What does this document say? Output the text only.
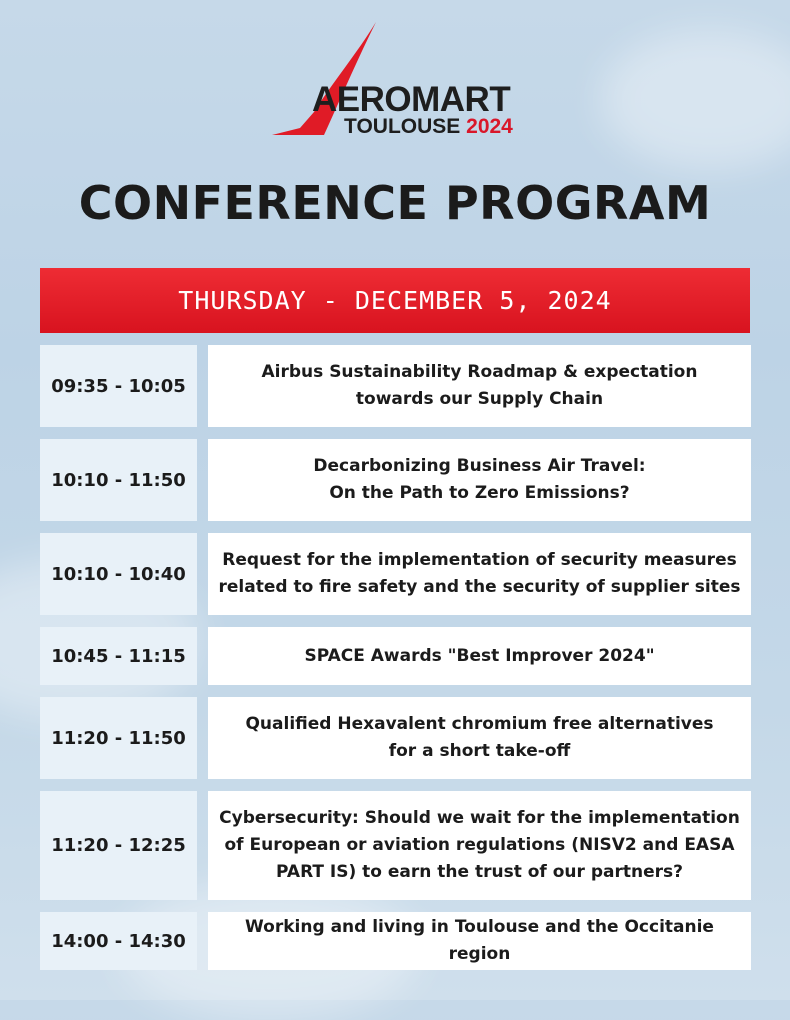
AEROMART
TOULOUSE 2024
CONFERENCE PROGRAM
THURSDAY - DECEMBER 5, 2024
09:35 - 10:05
Airbus Sustainability Roadmap & expectation
towards our Supply Chain
10:10 - 11:50
Decarbonizing Business Air Travel:
On the Path to Zero Emissions?
10:10 - 10:40
Request for the implementation of security measures
related to fire safety and the security of supplier sites
10:45 - 11:15	SPACE Awards "Best Improver 2024"
11:20 - 11:50
Qualified Hexavalent chromium free alternatives
for a short take-off
11:20 - 12:25
Cybersecurity: Should we wait for the implementation
of European or aviation regulations (NISV2 and EASA
PART IS) to earn the trust of our partners?
14:00 - 14:30
Working and living in Toulouse and the Occitanie region
